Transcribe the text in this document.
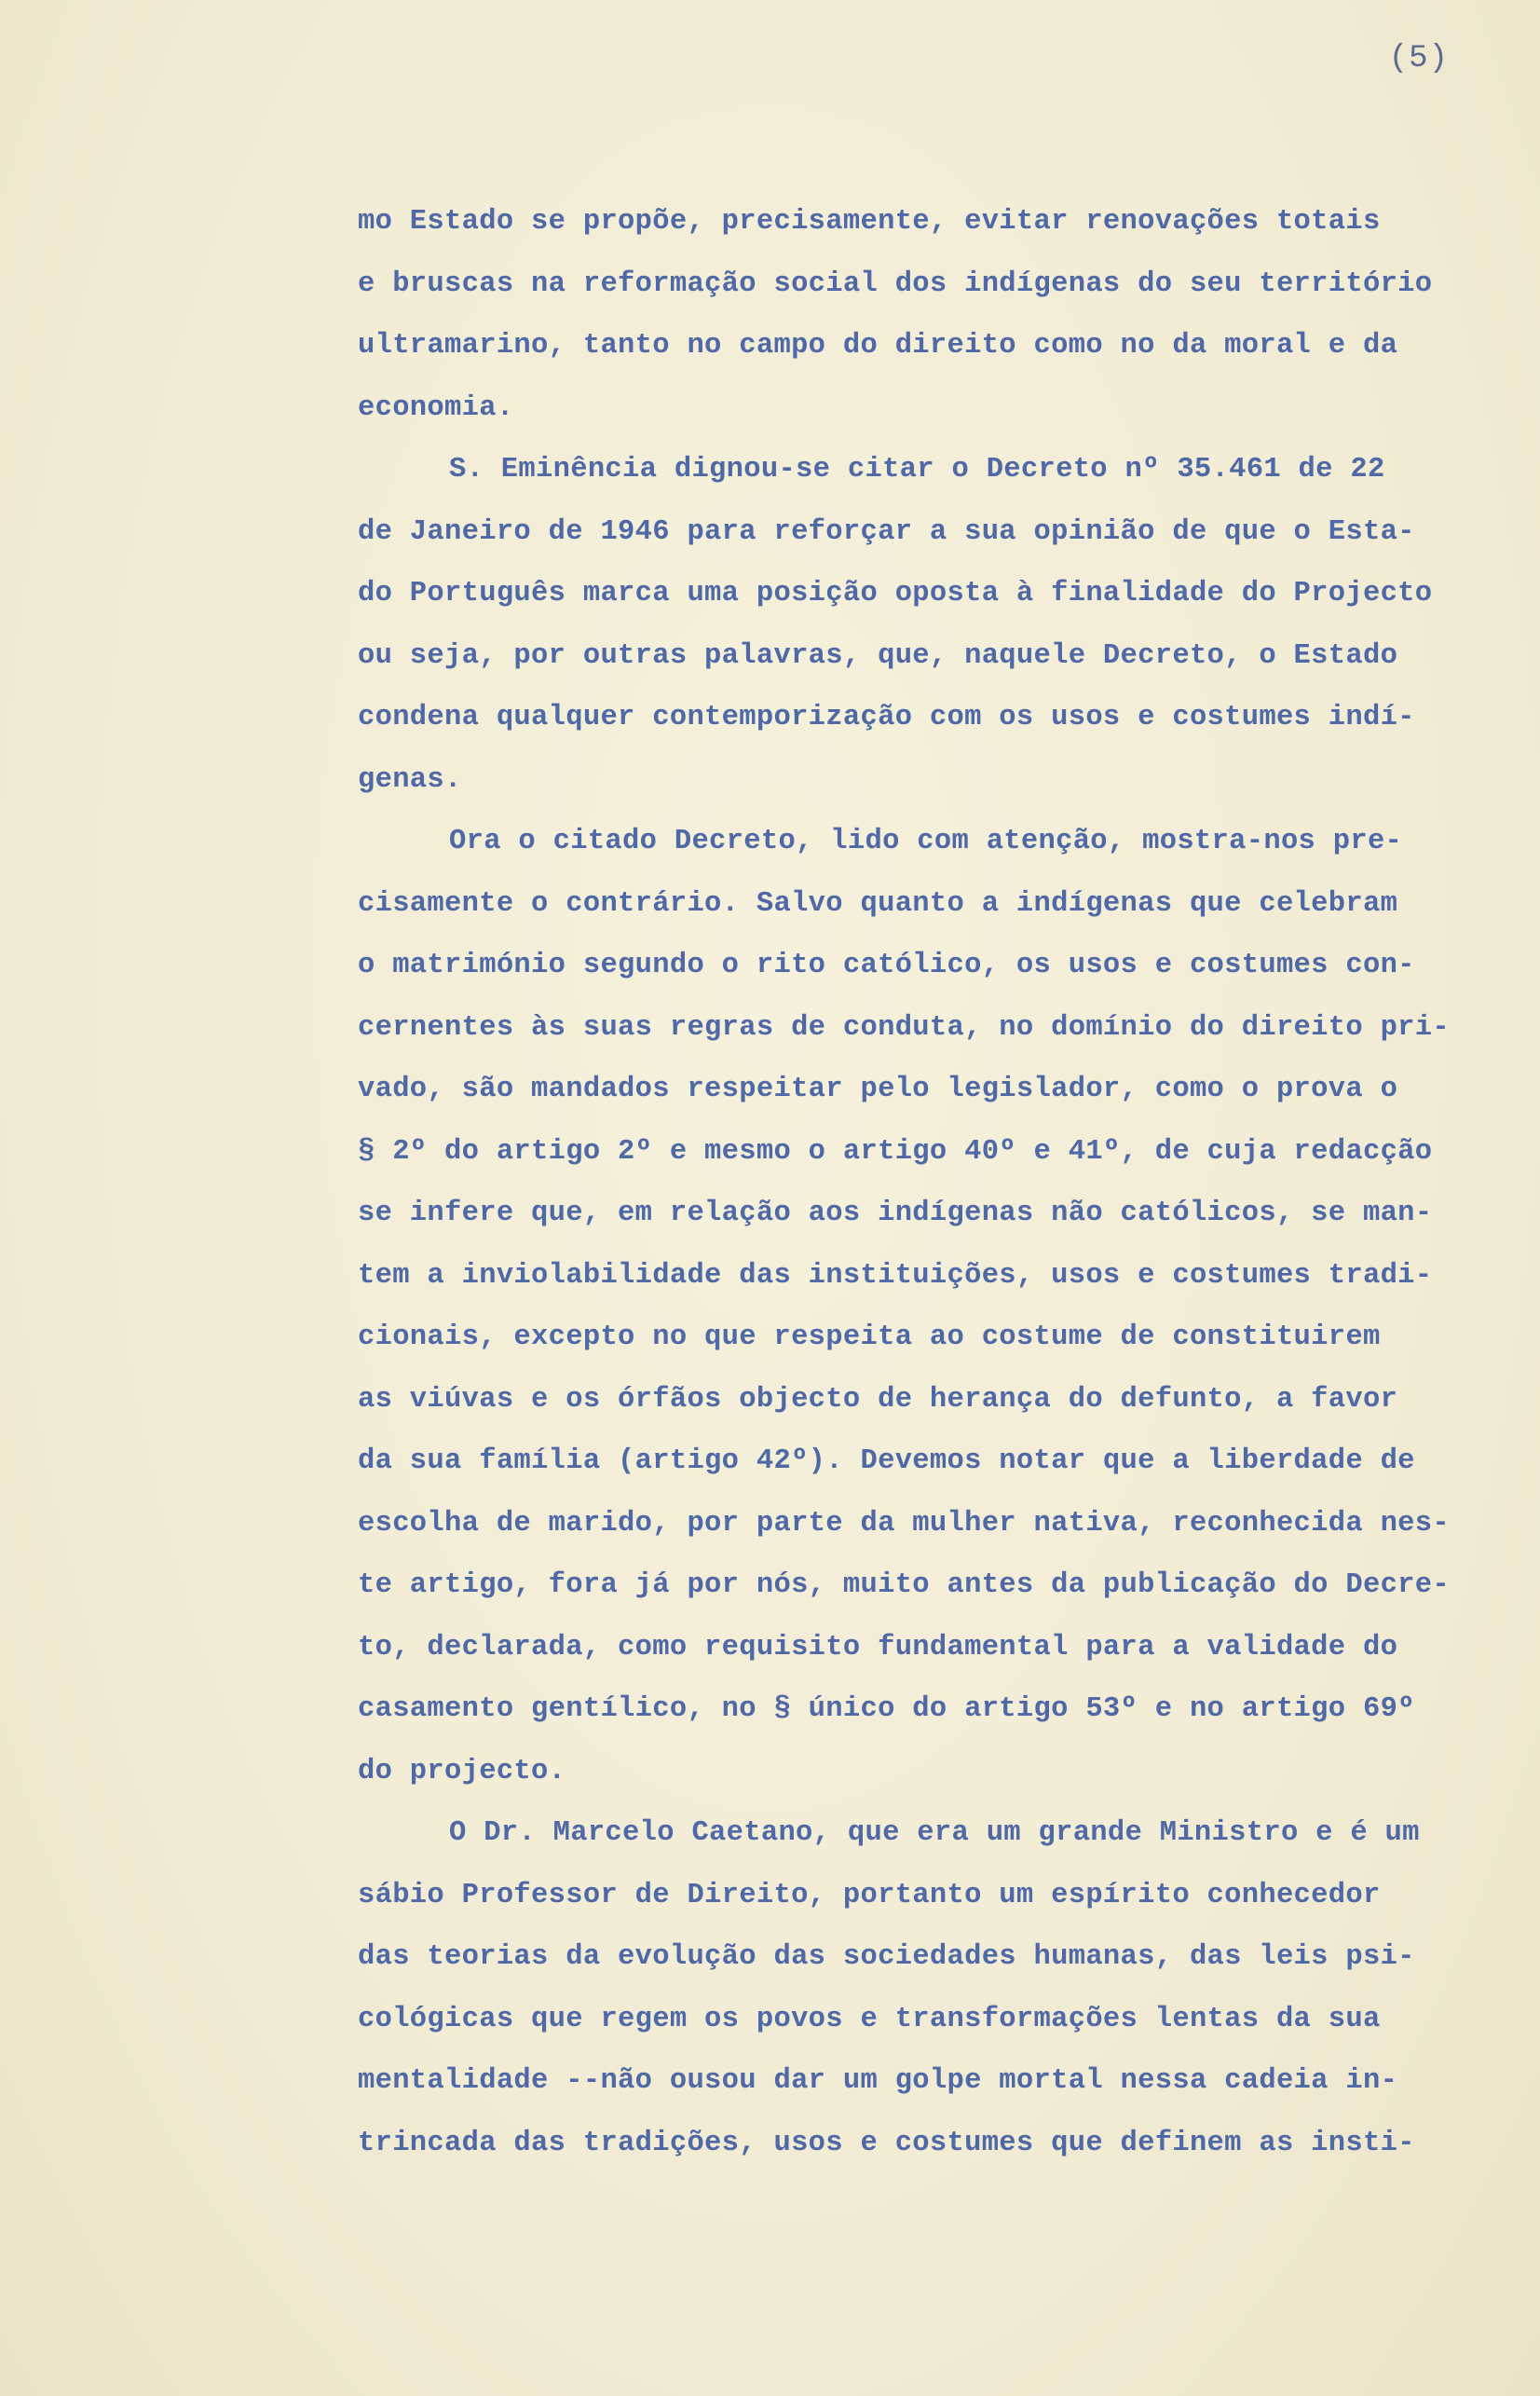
(5)
mo Estado se propõe, precisamente, evitar renovações totais
e bruscas na reformação social dos indígenas do seu território
ultramarino, tanto no campo do direito como no da moral e da
economia.
S. Eminência dignou-se citar o Decreto nº 35.461 de 22
de Janeiro de 1946 para reforçar a sua opinião de que o Esta-
do Português marca uma posição oposta à finalidade do Projecto
ou seja, por outras palavras, que, naquele Decreto, o Estado
condena qualquer contemporização com os usos e costumes indí-
genas.
Ora o citado Decreto, lido com atenção, mostra-nos pre-
cisamente o contrário. Salvo quanto a indígenas que celebram
o matrimónio segundo o rito católico, os usos e costumes con-
cernentes às suas regras de conduta, no domínio do direito pri-
vado, são mandados respeitar pelo legislador, como o prova o
§ 2º do artigo 2º e mesmo o artigo 40º e 41º, de cuja redacção
se infere que, em relação aos indígenas não católicos, se man-
tem a inviolabilidade das instituições, usos e costumes tradi-
cionais, excepto no que respeita ao costume de constituirem
as viúvas e os órfãos objecto de herança do defunto, a favor
da sua família (artigo 42º). Devemos notar que a liberdade de
escolha de marido, por parte da mulher nativa, reconhecida nes-
te artigo, fora já por nós, muito antes da publicação do Decre-
to, declarada, como requisito fundamental para a validade do
casamento gentílico, no § único do artigo 53º e no artigo 69º
do projecto.
O Dr. Marcelo Caetano, que era um grande Ministro e é um
sábio Professor de Direito, portanto um espírito conhecedor
das teorias da evolução das sociedades humanas, das leis psi-
cológicas que regem os povos e transformações lentas da sua
mentalidade --não ousou dar um golpe mortal nessa cadeia in-
trincada das tradições, usos e costumes que definem as insti-
